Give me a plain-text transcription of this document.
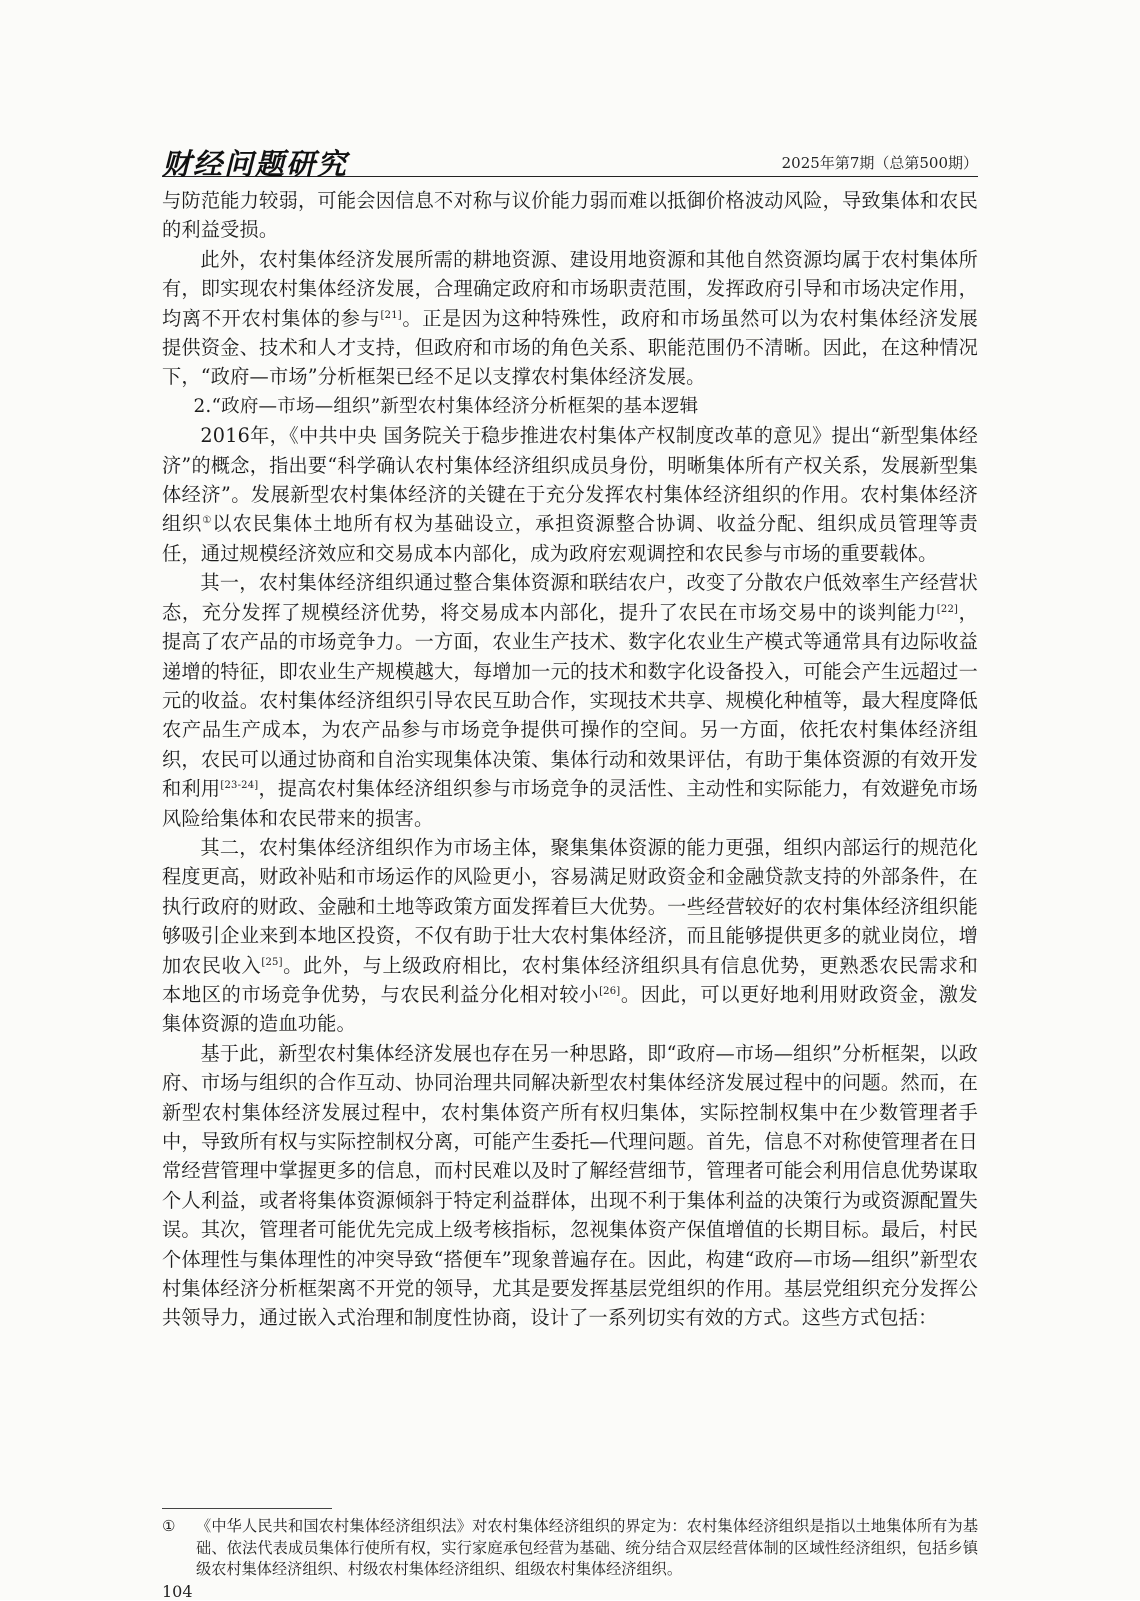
财经问题研究	2025年第7期（总第500期）

与防范能力较弱，可能会因信息不对称与议价能力弱而难以抵御价格波动风险，导致集体和农民的利益受损。

此外，农村集体经济发展所需的耕地资源、建设用地资源和其他自然资源均属于农村集体所有，即实现农村集体经济发展，合理确定政府和市场职责范围，发挥政府引导和市场决定作用，均离不开农村集体的参与[21]。正是因为这种特殊性，政府和市场虽然可以为农村集体经济发展提供资金、技术和人才支持，但政府和市场的角色关系、职能范围仍不清晰。因此，在这种情况下，“政府—市场”分析框架已经不足以支撑农村集体经济发展。

2.“政府—市场—组织”新型农村集体经济分析框架的基本逻辑

2016年，《中共中央 国务院关于稳步推进农村集体产权制度改革的意见》提出“新型集体经济”的概念，指出要“科学确认农村集体经济组织成员身份，明晰集体所有产权关系，发展新型集体经济”。发展新型农村集体经济的关键在于充分发挥农村集体经济组织的作用。农村集体经济组织①以农民集体土地所有权为基础设立，承担资源整合协调、收益分配、组织成员管理等责任，通过规模经济效应和交易成本内部化，成为政府宏观调控和农民参与市场的重要载体。

其一，农村集体经济组织通过整合集体资源和联结农户，改变了分散农户低效率生产经营状态，充分发挥了规模经济优势，将交易成本内部化，提升了农民在市场交易中的谈判能力[22]，提高了农产品的市场竞争力。一方面，农业生产技术、数字化农业生产模式等通常具有边际收益递增的特征，即农业生产规模越大，每增加一元的技术和数字化设备投入，可能会产生远超过一元的收益。农村集体经济组织引导农民互助合作，实现技术共享、规模化种植等，最大程度降低农产品生产成本，为农产品参与市场竞争提供可操作的空间。另一方面，依托农村集体经济组织，农民可以通过协商和自治实现集体决策、集体行动和效果评估，有助于集体资源的有效开发和利用[23-24]，提高农村集体经济组织参与市场竞争的灵活性、主动性和实际能力，有效避免市场风险给集体和农民带来的损害。

其二，农村集体经济组织作为市场主体，聚集集体资源的能力更强，组织内部运行的规范化程度更高，财政补贴和市场运作的风险更小，容易满足财政资金和金融贷款支持的外部条件，在执行政府的财政、金融和土地等政策方面发挥着巨大优势。一些经营较好的农村集体经济组织能够吸引企业来到本地区投资，不仅有助于壮大农村集体经济，而且能够提供更多的就业岗位，增加农民收入[25]。此外，与上级政府相比，农村集体经济组织具有信息优势，更熟悉农民需求和本地区的市场竞争优势，与农民利益分化相对较小[26]。因此，可以更好地利用财政资金，激发集体资源的造血功能。

基于此，新型农村集体经济发展也存在另一种思路，即“政府—市场—组织”分析框架，以政府、市场与组织的合作互动、协同治理共同解决新型农村集体经济发展过程中的问题。然而，在新型农村集体经济发展过程中，农村集体资产所有权归集体，实际控制权集中在少数管理者手中，导致所有权与实际控制权分离，可能产生委托—代理问题。首先，信息不对称使管理者在日常经营管理中掌握更多的信息，而村民难以及时了解经营细节，管理者可能会利用信息优势谋取个人利益，或者将集体资源倾斜于特定利益群体，出现不利于集体利益的决策行为或资源配置失误。其次，管理者可能优先完成上级考核指标，忽视集体资产保值增值的长期目标。最后，村民个体理性与集体理性的冲突导致“搭便车”现象普遍存在。因此，构建“政府—市场—组织”新型农村集体经济分析框架离不开党的领导，尤其是要发挥基层党组织的作用。基层党组织充分发挥公共领导力，通过嵌入式治理和制度性协商，设计了一系列切实有效的方式。这些方式包括：

①	《中华人民共和国农村集体经济组织法》对农村集体经济组织的界定为：农村集体经济组织是指以土地集体所有为基础、依法代表成员集体行使所有权，实行家庭承包经营为基础、统分结合双层经营体制的区域性经济组织，包括乡镇级农村集体经济组织、村级农村集体经济组织、组级农村集体经济组织。
104
